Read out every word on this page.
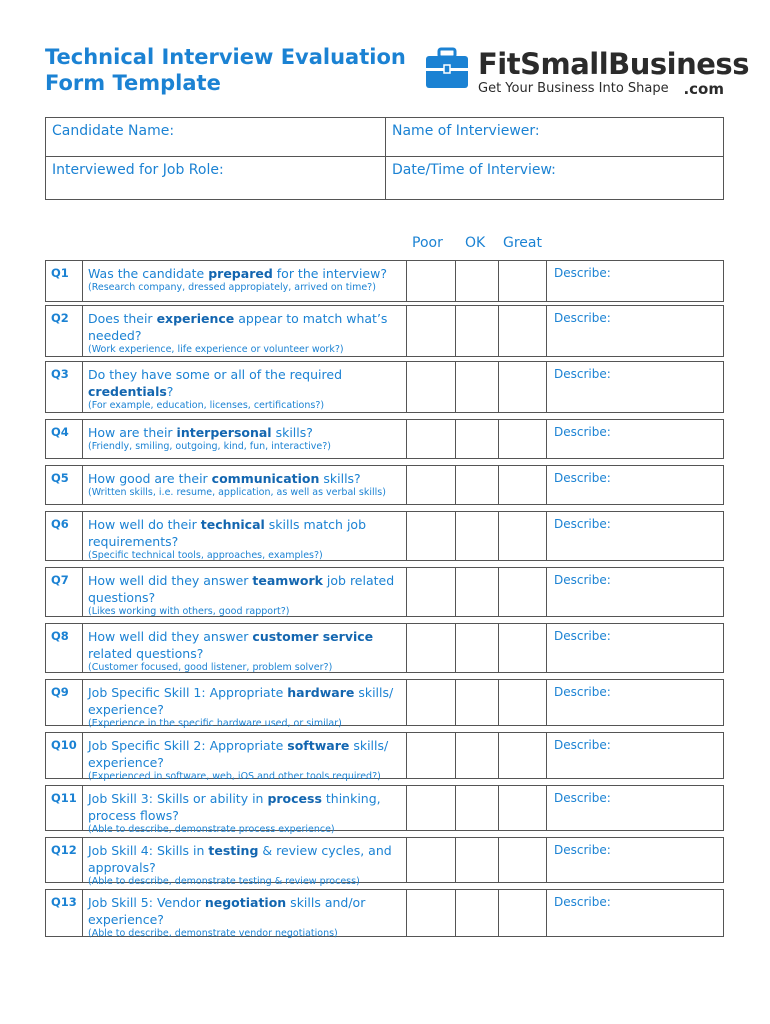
Technical Interview Evaluation
Form Template
FitSmallBusiness
Get Your Business Into Shape .com
Candidate Name:	Name of Interviewer:
Interviewed for Job Role:	Date/Time of Interview:
Poor OK Great
Q1	Was the candidate prepared for the interview?
(Research company, dressed appropiately, arrived on time?)
Describe:
Q2	Does their experience appear to match what’s needed?
(Work experience, life experience or volunteer work?)
Describe:
Q3	Do they have some or all of the required credentials?
(For example, education, licenses, certifications?)
Describe:
Q4	How are their interpersonal skills?
(Friendly, smiling, outgoing, kind, fun, interactive?)
Describe:
Q5	How good are their communication skills?
(Written skills, i.e. resume, application, as well as verbal skills)
Describe:
Q6	How well do their technical skills match job requirements?
(Specific technical tools, approaches, examples?)
Describe:
Q7	How well did they answer teamwork job related questions?
(Likes working with others, good rapport?)
Describe:
Q8	How well did they answer customer service related questions?
(Customer focused, good listener, problem solver?)
Describe:
Q9	Job Specific Skill 1: Appropriate hardware skills/ experience?
(Experience in the specific hardware used, or similar)
Describe:
Q10 Job Specific Skill 2: Appropriate software skills/ experience?
(Experienced in software, web, iOS and other tools required?)
Describe:
Q11 Job Skill 3: Skills or ability in process thinking, process flows?
(Able to describe, demonstrate process experience)
Describe:
Q12 Job Skill 4: Skills in testing & review cycles, and approvals?
(Able to describe, demonstrate testing & review process)
Describe:
Q13 Job Skill 5: Vendor negotiation skills and/or experience?
(Able to describe, demonstrate vendor negotiations)
Describe:
